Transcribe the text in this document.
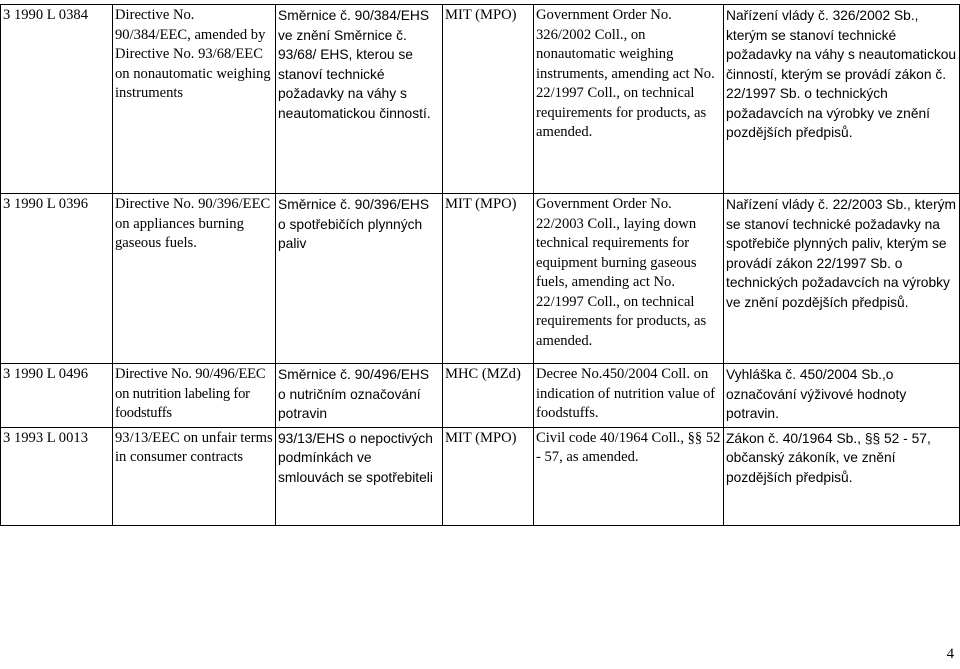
3 1990 L 0384	Directive No. 90/384/EEC, amended by Directive No. 93/68/EEC on nonautomatic weighing instruments	Směrnice č. 90/384/EHS ve znění Směrnice č. 93/68/ EHS, kterou se stanoví technické požadavky na váhy s neautomatickou činností.	MIT (MPO)	Government Order No. 326/2002 Coll., on nonautomatic weighing instruments, amending act No. 22/1997 Coll., on technical requirements for products, as amended.	Nařízení vlády č. 326/2002 Sb., kterým se stanoví technické požadavky na váhy s neautomatickou činností, kterým se provádí zákon č. 22/1997 Sb. o technických požadavcích na výrobky ve znění pozdějších předpisů.
3 1990 L 0396	Directive No. 90/396/EEC on appliances burning gaseous fuels.	Směrnice č. 90/396/EHS o spotřebičích plynných paliv	MIT (MPO)	Government Order No. 22/2003 Coll., laying down technical requirements for equipment burning gaseous fuels, amending act No. 22/1997 Coll., on technical requirements for products, as amended.	Nařízení vlády č. 22/2003 Sb., kterým se stanoví technické požadavky na spotřebiče plynných paliv, kterým se provádí zákon 22/1997 Sb. o technických požadavcích na výrobky ve znění pozdějších předpisů.
3 1990 L 0496	Directive No. 90/496/EEC on nutrition labeling for foodstuffs	Směrnice č. 90/496/EHS o nutričním označování potravin	MHC (MZd)	Decree No.450/2004 Coll. on indication of nutrition value of foodstuffs.	Vyhláška č. 450/2004 Sb.,o označování výživové hodnoty potravin.
3 1993 L 0013	93/13/EEC on unfair terms in consumer contracts	93/13/EHS o nepoctivých podmínkách ve smlouvách se spotřebiteli	MIT (MPO)	Civil code 40/1964 Coll., §§ 52 - 57, as amended.	Zákon č. 40/1964 Sb., §§ 52 - 57, občanský zákoník, ve znění pozdějších předpisů.
4
